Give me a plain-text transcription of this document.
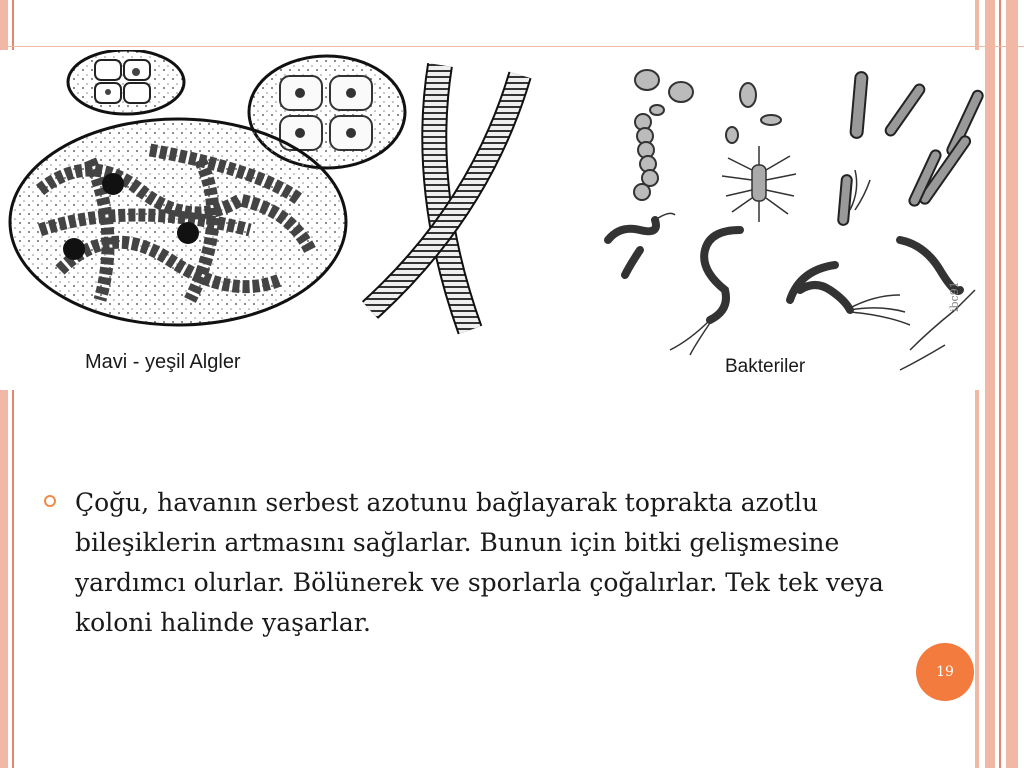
Mavi - yeşil Algler	Bakteriler
ibc91
Çoğu, havanın serbest azotunu bağlayarak toprakta azotlu bileşiklerin artmasını sağlarlar. Bunun için bitki gelişmesine yardımcı olurlar. Bölünerek ve sporlarla çoğalırlar. Tek tek veya koloni halinde yaşarlar.
19
